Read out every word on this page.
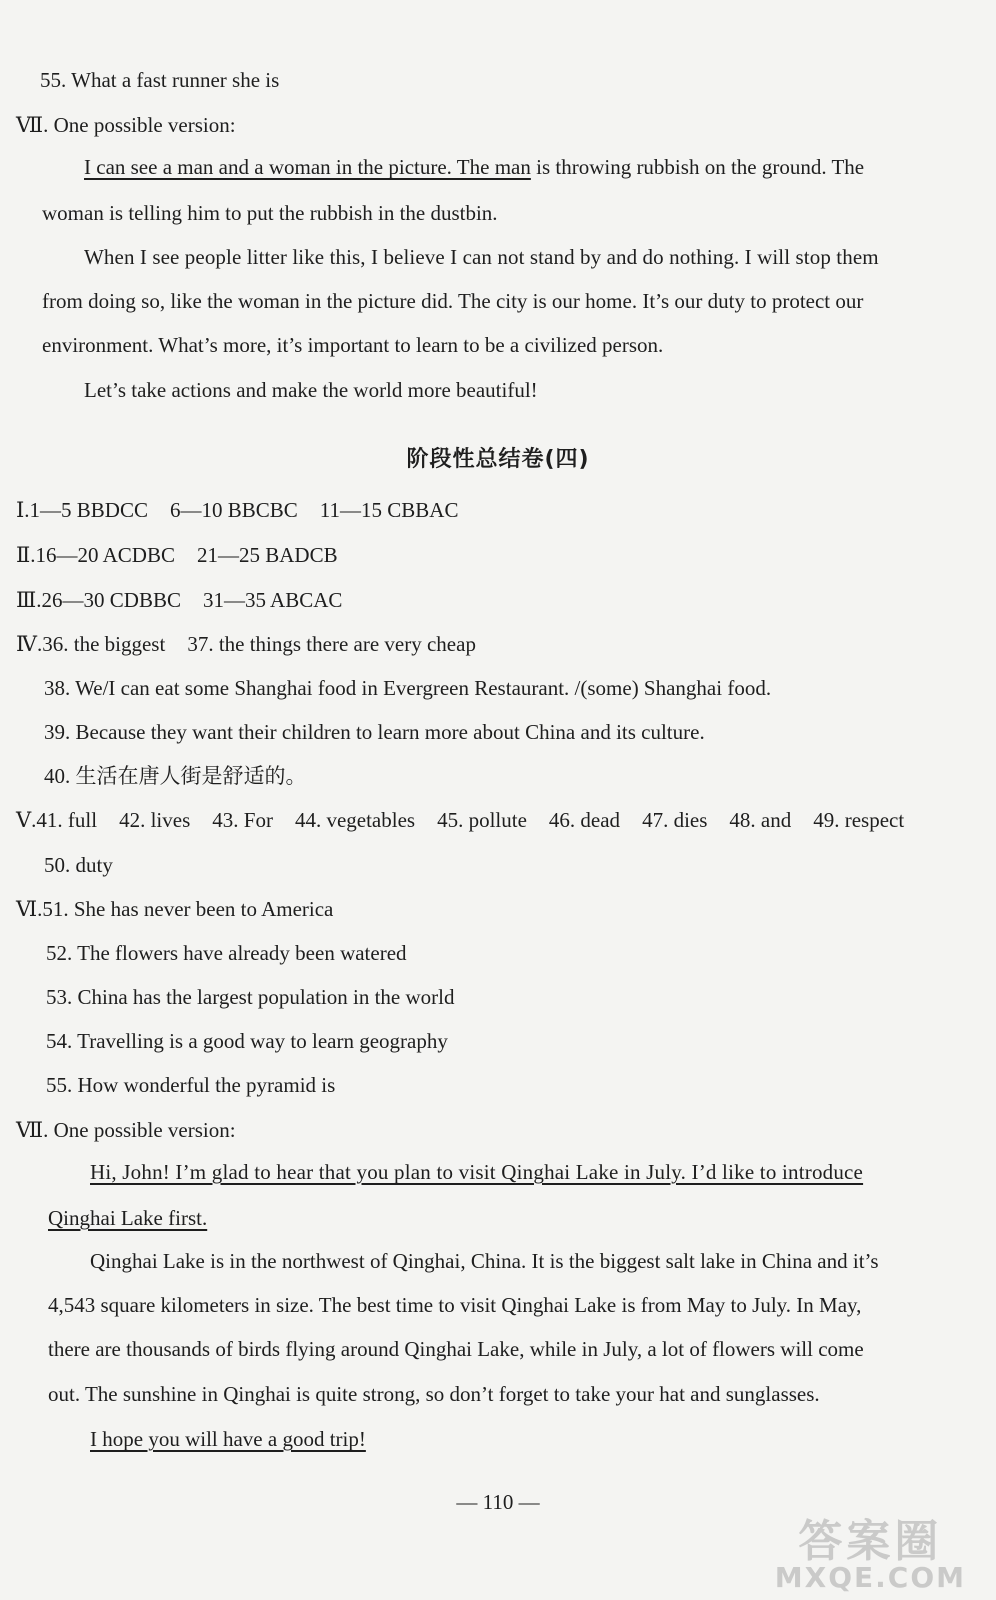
55. What a fast runner she is
Ⅶ. One possible version:
I can see a man and a woman in the picture. The man is throwing rubbish on the ground. The
woman is telling him to put the rubbish in the dustbin.
When I see people litter like this, I believe I can not stand by and do nothing. I will stop them
from doing so, like the woman in the picture did. The city is our home. It’s our duty to protect our
environment. What’s more, it’s important to learn to be a civilized person.
Let’s take actions and make the world more beautiful!
阶段性总结卷(四)
Ⅰ.1—5 BBDCC 6—10 BBCBC 11—15 CBBAC
Ⅱ.16—20 ACDBC 21—25 BADCB
Ⅲ.26—30 CDBBC 31—35 ABCAC
Ⅳ.36. the biggest 37. the things there are very cheap
38. We/I can eat some Shanghai food in Evergreen Restaurant. /(some) Shanghai food.
39. Because they want their children to learn more about China and its culture.
40. 生活在唐人街是舒适的。
Ⅴ.41. full 42. lives 43. For 44. vegetables 45. pollute 46. dead 47. dies 48. and 49. respect
50. duty
Ⅵ.51. She has never been to America
52. The flowers have already been watered
53. China has the largest population in the world
54. Travelling is a good way to learn geography
55. How wonderful the pyramid is
Ⅶ. One possible version:
Hi, John! I’m glad to hear that you plan to visit Qinghai Lake in July. I’d like to introduce
Qinghai Lake first.
Qinghai Lake is in the northwest of Qinghai, China. It is the biggest salt lake in China and it’s
4,543 square kilometers in size. The best time to visit Qinghai Lake is from May to July. In May,
there are thousands of birds flying around Qinghai Lake, while in July, a lot of flowers will come
out. The sunshine in Qinghai is quite strong, so don’t forget to take your hat and sunglasses.
I hope you will have a good trip!
— 110 —
答案圈
MXQE.COM
